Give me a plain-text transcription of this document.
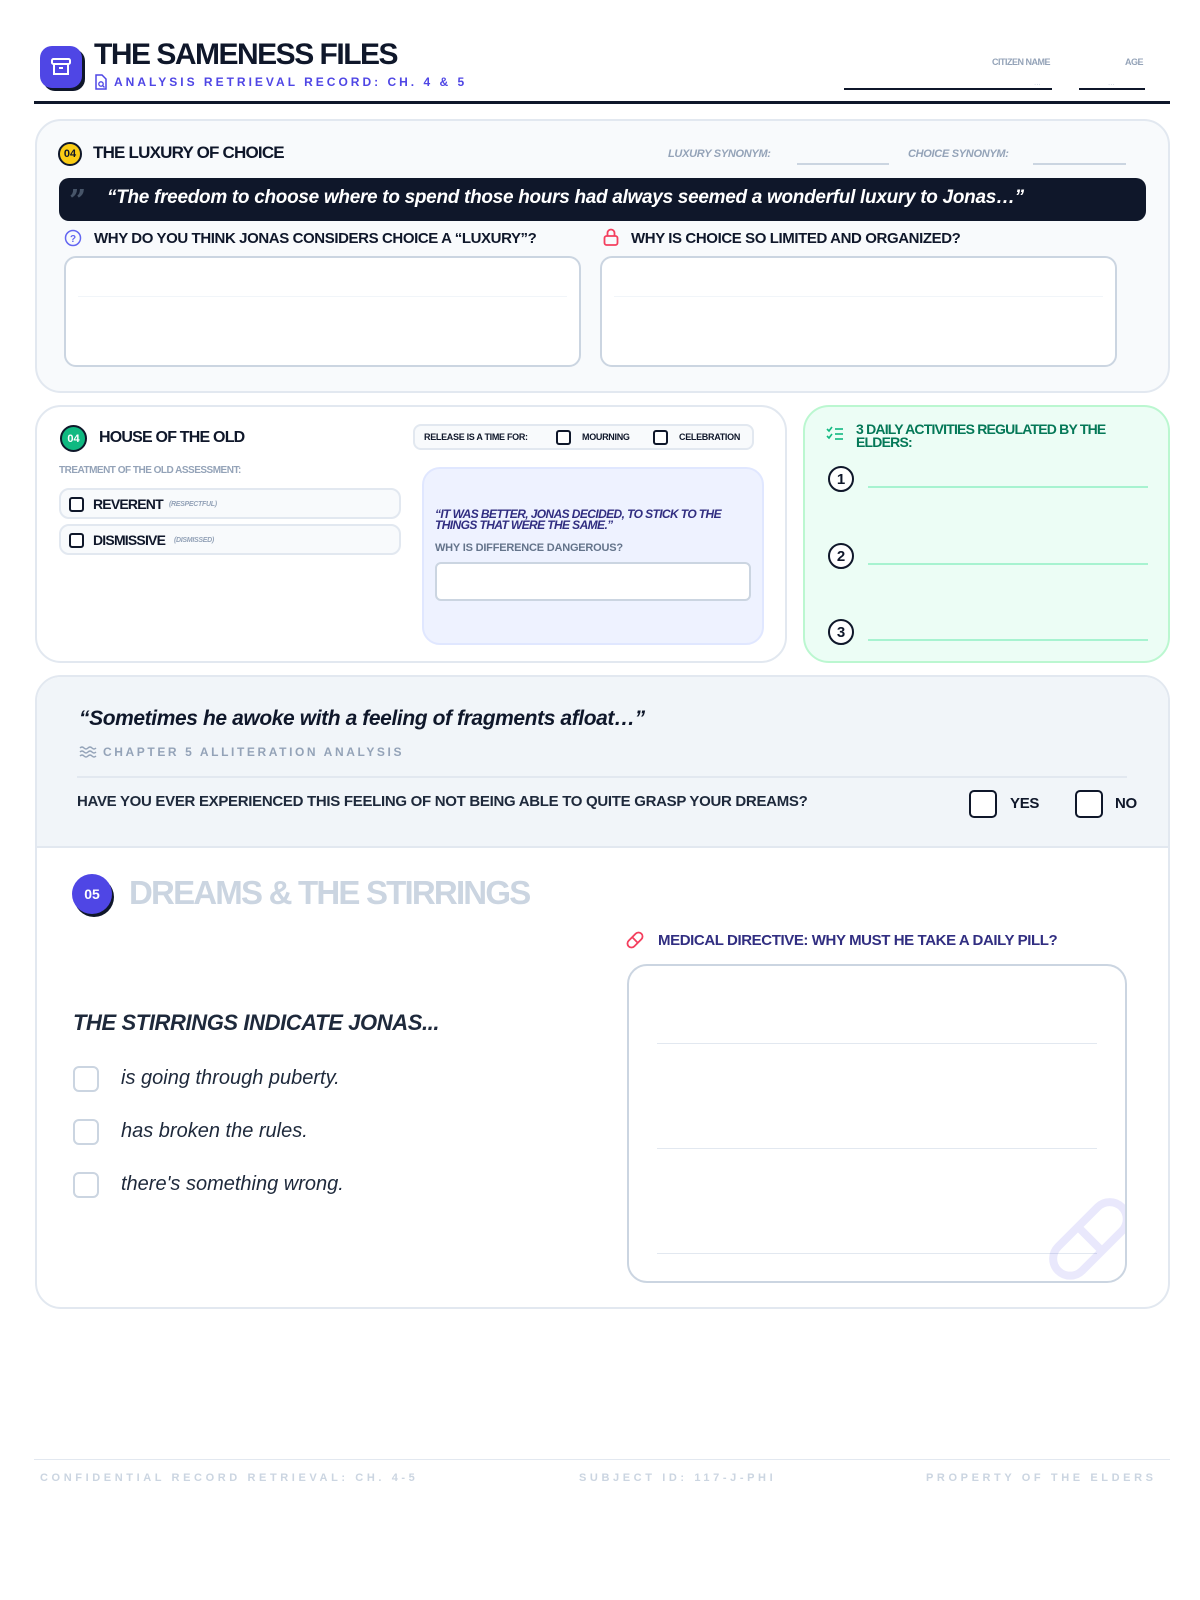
THE SAMENESS FILES
ANALYSIS RETRIEVAL RECORD: CH. 4 & 5
CITIZEN NAME
...
AGE
...
04 THE LUXURY OF CHOICE	LUXURY SYNONYM:	CHOICE SYNONYM:
” “The freedom to choose where to spend those hours had always seemed a wonderful luxury to Jonas…”
? WHY DO YOU THINK JONAS CONSIDERS CHOICE A “LUXURY”?	WHY IS CHOICE SO LIMITED AND ORGANIZED?
04	HOUSE OF THE OLD
TREATMENT OF THE OLD ASSESSMENT:
REVERENT (RESPECTFUL)
DISMISSIVE (DISMISSED)
RELEASE IS A TIME FOR:	MOURNING	CELEBRATION
“IT WAS BETTER, JONAS DECIDED, TO STICK TO THE THINGS THAT WERE THE SAME.”
WHY IS DIFFERENCE DANGEROUS?
3 DAILY ACTIVITIES REGULATED BY THE ELDERS:
1
2
3
“Sometimes he awoke with a feeling of fragments afloat…”
CHAPTER 5 ALLITERATION ANALYSIS
HAVE YOU EVER EXPERIENCED THIS FEELING OF NOT BEING ABLE TO QUITE GRASP YOUR DREAMS?	YES	NO
05 DREAMS & THE STIRRINGS
THE STIRRINGS INDICATE JONAS...
is going through puberty.
has broken the rules.
there's something wrong.
MEDICAL DIRECTIVE: WHY MUST HE TAKE A DAILY PILL?
CONFIDENTIAL RECORD RETRIEVAL: CH. 4-5	SUBJECT ID: 117-J-PHI	PROPERTY OF THE ELDERS
